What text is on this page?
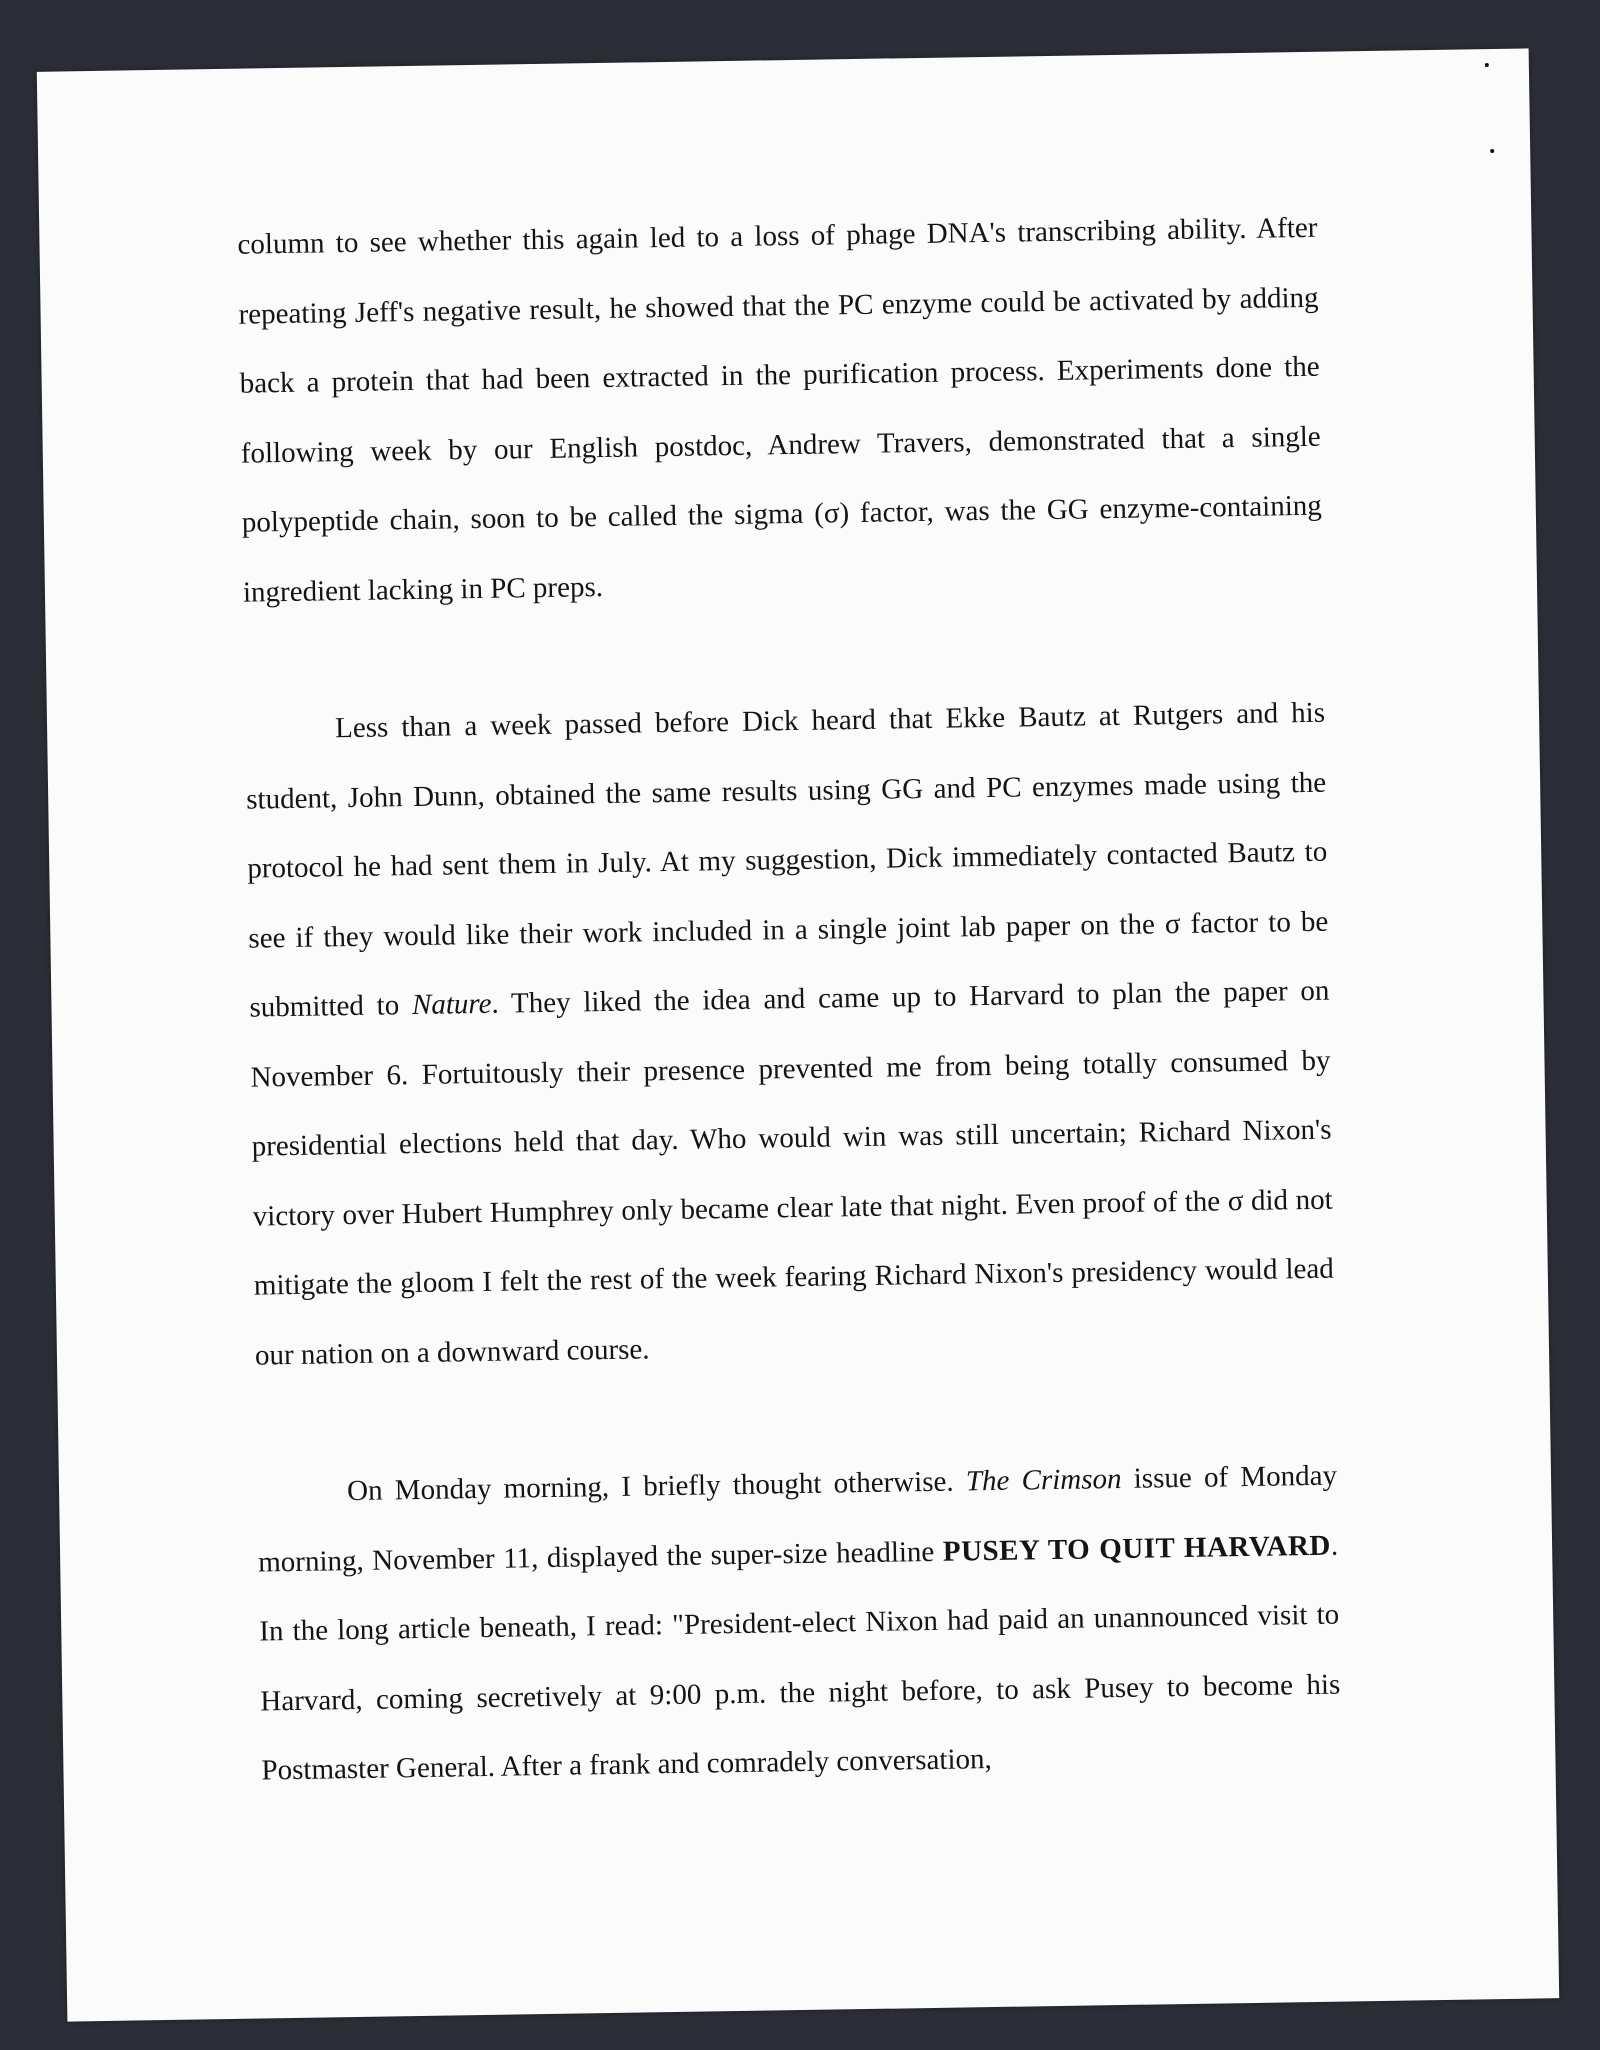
column to see whether this again led to a loss of phage DNA's transcribing ability. After repeating Jeff's negative result, he showed that the PC enzyme could be activated by adding back a protein that had been extracted in the purification process. Experiments done the following week by our English postdoc, Andrew Travers, demonstrated that a single polypeptide chain, soon to be called the sigma (σ) factor, was the GG enzyme-containing ingredient lacking in PC preps.

Less than a week passed before Dick heard that Ekke Bautz at Rutgers and his student, John Dunn, obtained the same results using GG and PC enzymes made using the protocol he had sent them in July. At my suggestion, Dick immediately contacted Bautz to see if they would like their work included in a single joint lab paper on the σ factor to be submitted to Nature. They liked the idea and came up to Harvard to plan the paper on November 6. Fortuitously their presence prevented me from being totally consumed by presidential elections held that day. Who would win was still uncertain; Richard Nixon's victory over Hubert Humphrey only became clear late that night. Even proof of the σ did not mitigate the gloom I felt the rest of the week fearing Richard Nixon's presidency would lead our nation on a downward course.

On Monday morning, I briefly thought otherwise. The Crimson issue of Monday morning, November 11, displayed the super-size headline PUSEY TO QUIT HARVARD. In the long article beneath, I read: "President-elect Nixon had paid an unannounced visit to Harvard, coming secretively at 9:00 p.m. the night before, to ask Pusey to become his Postmaster General. After a frank and comradely conversation,
